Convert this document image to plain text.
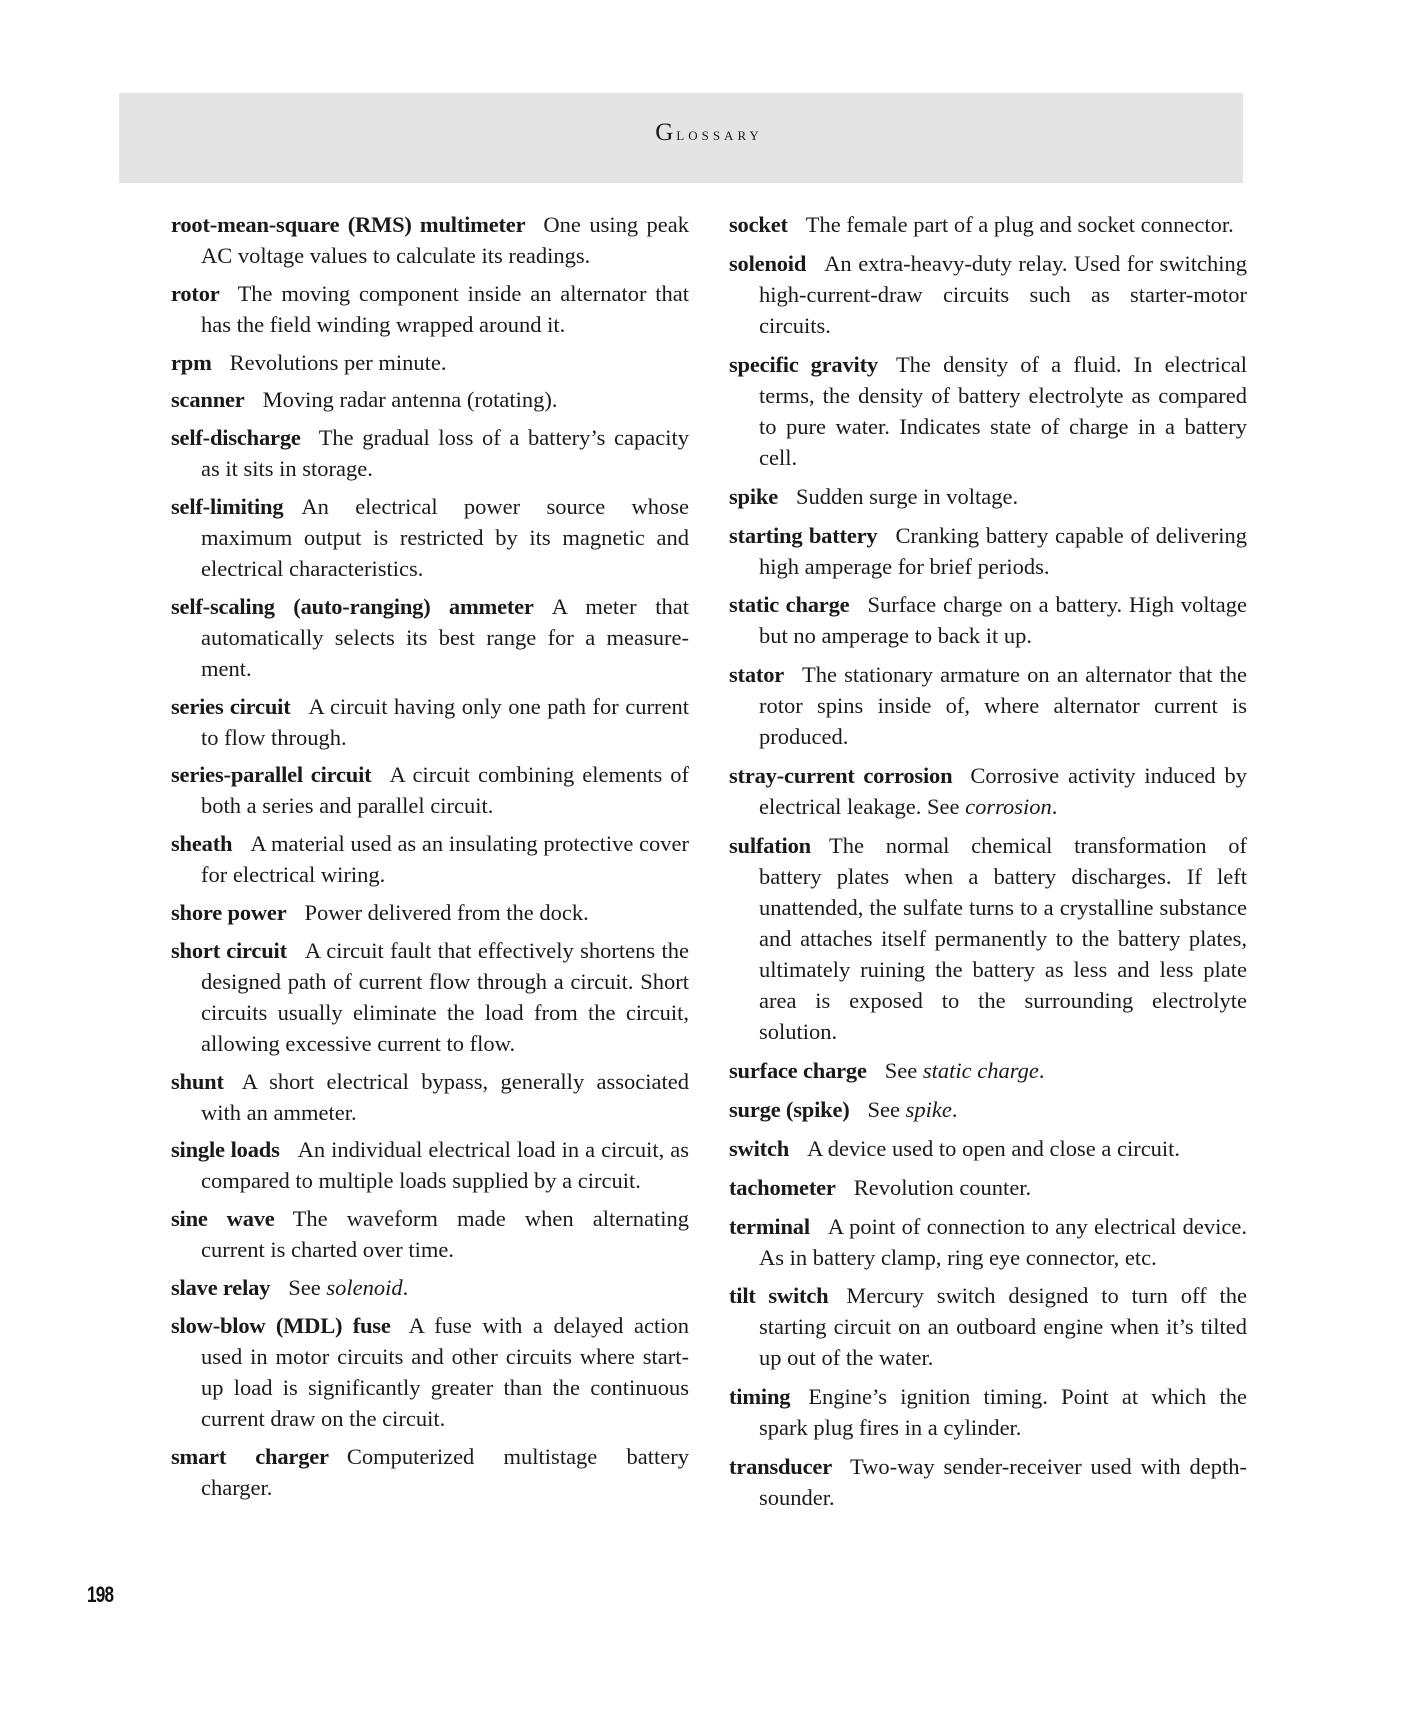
Glossary

root-mean-square (RMS) multimeter One using peak AC voltage values to calculate its readings.

rotor The moving component inside an alternator that has the field winding wrapped around it.

rpm Revolutions per minute.

scanner Moving radar antenna (rotating).

self-discharge The gradual loss of a battery’s capacity as it sits in storage.

self-limiting An electrical power source whose maximum output is restricted by its magnetic and electrical characteristics.

self-scaling (auto-ranging) ammeter A meter that automatically selects its best range for a measurement.

series circuit A circuit having only one path for current to flow through.

series-parallel circuit A circuit combining elements of both a series and parallel circuit.

sheath A material used as an insulating protective cover for electrical wiring.

shore power Power delivered from the dock.

short circuit A circuit fault that effectively shortens the designed path of current flow through a circuit. Short circuits usually eliminate the load from the circuit, allowing excessive current to flow.

shunt A short electrical bypass, generally associated with an ammeter.

single loads An individual electrical load in a circuit, as compared to multiple loads supplied by a circuit.

sine wave The waveform made when alternating current is charted over time.

slave relay See solenoid.

slow-blow (MDL) fuse A fuse with a delayed action used in motor circuits and other circuits where start-up load is significantly greater than the continuous current draw on the circuit.

smart charger Computerized multistage battery charger.

socket The female part of a plug and socket connector.

solenoid An extra-heavy-duty relay. Used for switching high-current-draw circuits such as starter-motor circuits.

specific gravity The density of a fluid. In electrical terms, the density of battery electrolyte as compared to pure water. Indicates state of charge in a battery cell.

spike Sudden surge in voltage.

starting battery Cranking battery capable of delivering high amperage for brief periods.

static charge Surface charge on a battery. High voltage but no amperage to back it up.

stator The stationary armature on an alternator that the rotor spins inside of, where alternator current is produced.

stray-current corrosion Corrosive activity induced by electrical leakage. See corrosion.

sulfation The normal chemical transformation of battery plates when a battery discharges. If left unattended, the sulfate turns to a crystalline substance and attaches itself permanently to the battery plates, ultimately ruining the battery as less and less plate area is exposed to the surrounding electrolyte solution.

surface charge See static charge.

surge (spike) See spike.

switch A device used to open and close a circuit.

tachometer Revolution counter.

terminal A point of connection to any electrical device. As in battery clamp, ring eye connector, etc.

tilt switch Mercury switch designed to turn off the starting circuit on an outboard engine when it’s tilted up out of the water.

timing Engine’s ignition timing. Point at which the spark plug fires in a cylinder.

transducer Two-way sender-receiver used with depth-sounder.

198
